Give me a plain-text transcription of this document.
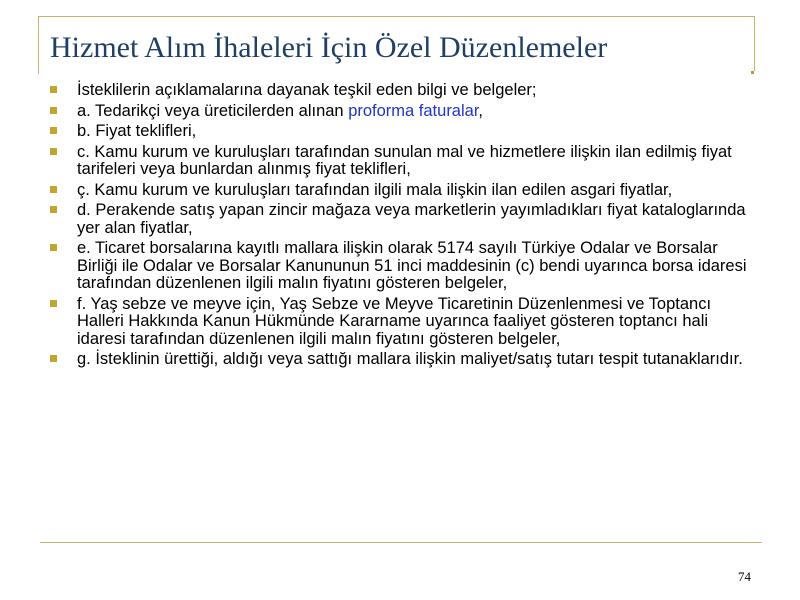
Hizmet Alım İhaleleri İçin Özel Düzenlemeler
İsteklilerin açıklamalarına dayanak teşkil eden bilgi ve belgeler;
a. Tedarikçi veya üreticilerden alınan proforma faturalar,
b. Fiyat teklifleri,
c. Kamu kurum ve kuruluşları tarafından sunulan mal ve hizmetlere ilişkin ilan edilmiş fiyat tarifeleri veya bunlardan alınmış fiyat teklifleri,
ç. Kamu kurum ve kuruluşları tarafından ilgili mala ilişkin ilan edilen asgari fiyatlar,
d. Perakende satış yapan zincir mağaza veya marketlerin yayımladıkları fiyat kataloglarında yer alan fiyatlar,
e. Ticaret borsalarına kayıtlı mallara ilişkin olarak 5174 sayılı Türkiye Odalar ve Borsalar Birliği ile Odalar ve Borsalar Kanununun 51 inci maddesinin (c) bendi uyarınca borsa idaresi tarafından düzenlenen ilgili malın fiyatını gösteren belgeler,
f. Yaş sebze ve meyve için, Yaş Sebze ve Meyve Ticaretinin Düzenlenmesi ve Toptancı Halleri Hakkında Kanun Hükmünde Kararname uyarınca faaliyet gösteren toptancı hali idaresi tarafından düzenlenen ilgili malın fiyatını gösteren belgeler,
g. İsteklinin ürettiği, aldığı veya sattığı mallara ilişkin maliyet/satış tutarı tespit tutanaklarıdır.
74
